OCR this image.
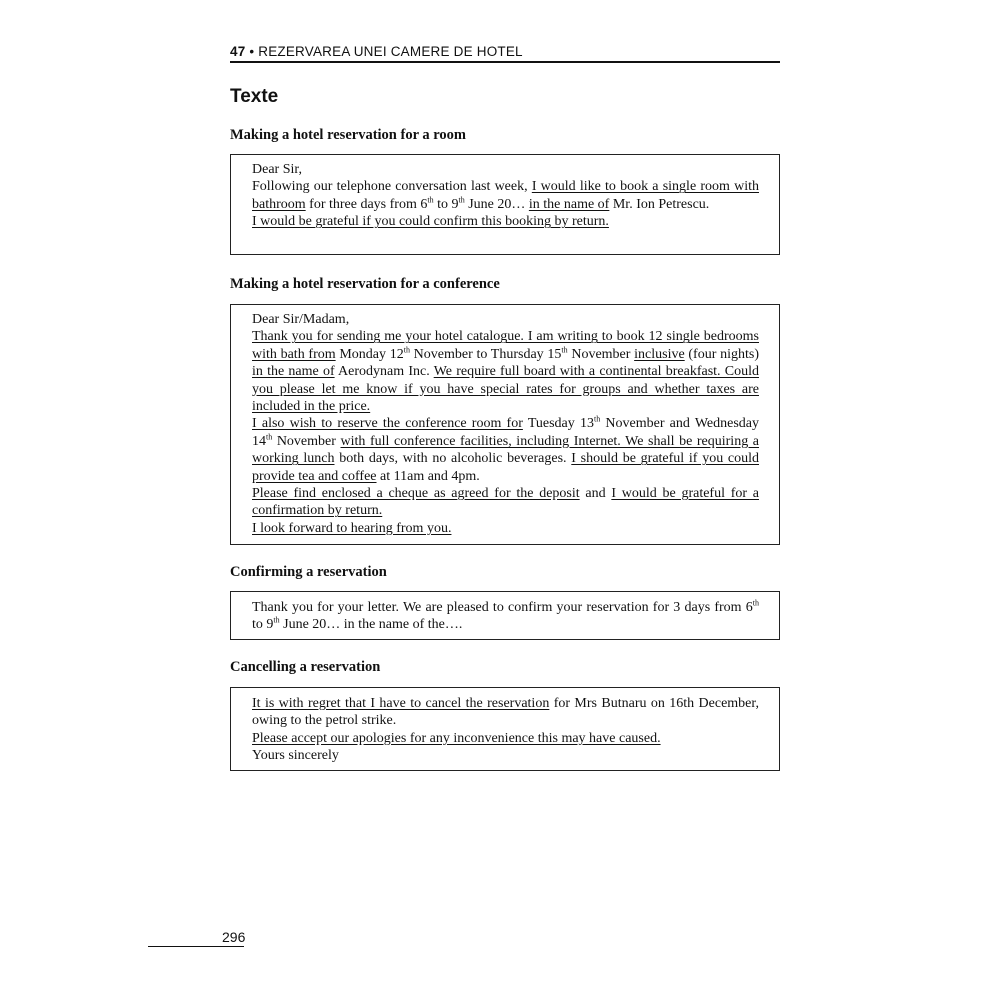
47 • REZERVAREA UNEI CAMERE DE HOTEL
Texte
Making a hotel reservation for a room

Dear Sir,

Following our telephone conversation last week, I would like to book a single room with bathroom for three days from 6th to 9th June 20… in the name of Mr. Ion Petrescu.

I would be grateful if you could confirm this booking by return.

Making a hotel reservation for a conference

Dear Sir/Madam,

Thank you for sending me your hotel catalogue. I am writing to book 12 single bedrooms with bath from Monday 12th November to Thursday 15th November inclusive (four nights) in the name of Aerodynam Inc. We require full board with a continental breakfast. Could you please let me know if you have special rates for groups and whether taxes are included in the price.

I also wish to reserve the conference room for Tuesday 13th November and Wednesday 14th November with full conference facilities, including Internet. We shall be requiring a working lunch both days, with no alcoholic beverages. I should be grateful if you could provide tea and coffee at 11am and 4pm.

Please find enclosed a cheque as agreed for the deposit and I would be grateful for a confirmation by return.

I look forward to hearing from you.

Confirming a reservation

Thank you for your letter. We are pleased to confirm your reservation for 3 days from 6th to 9th June 20… in the name of the….

Cancelling a reservation

It is with regret that I have to cancel the reservation for Mrs Butnaru on 16th December, owing to the petrol strike.

Please accept our apologies for any inconvenience this may have caused.

Yours sincerely

296
